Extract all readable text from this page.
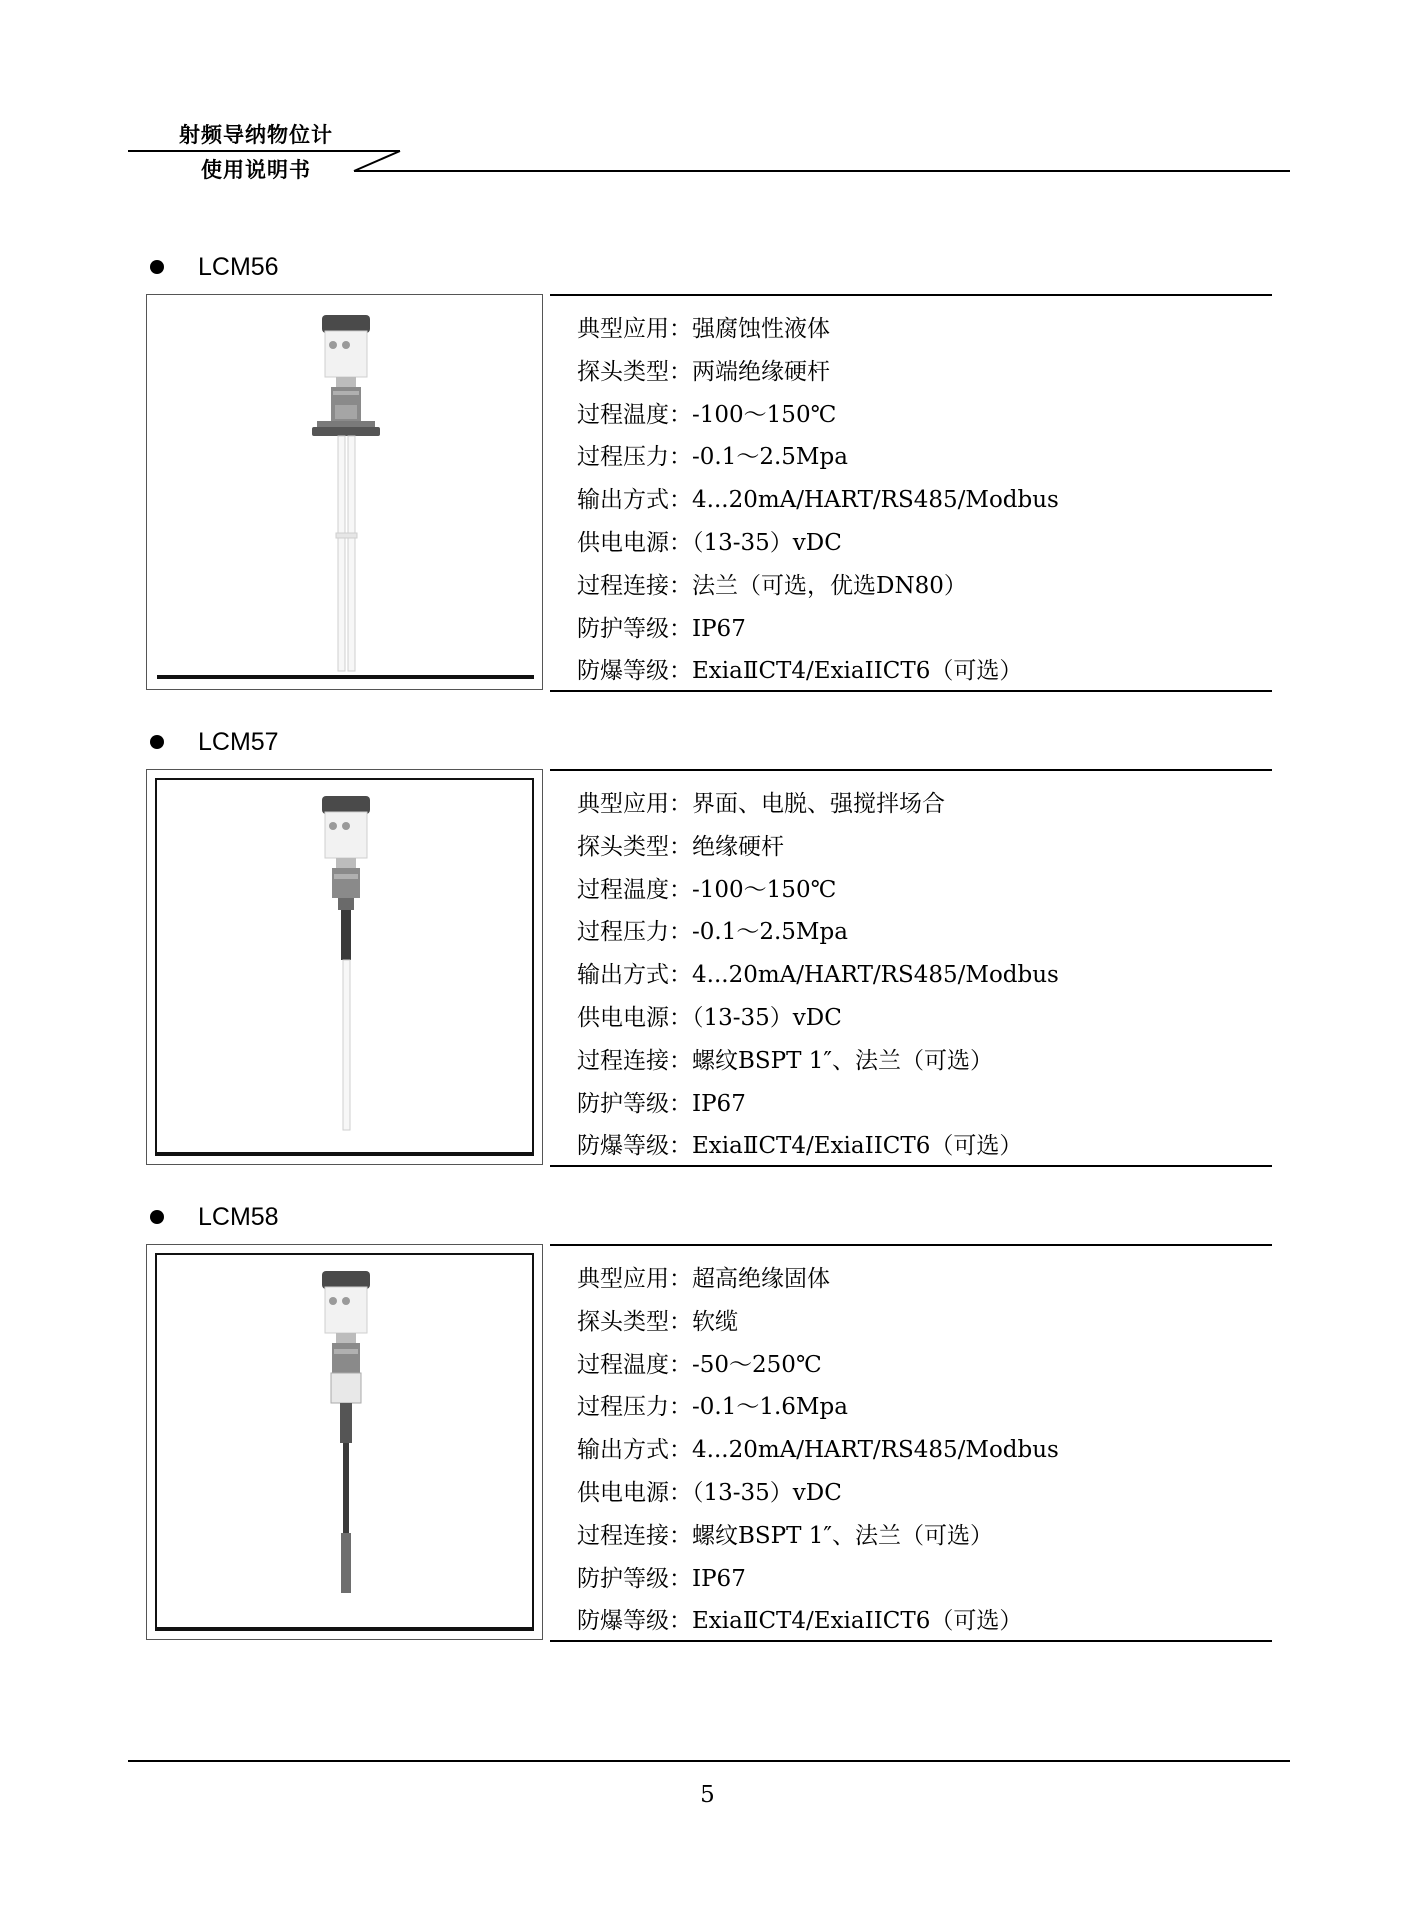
射频导纳物位计
使用说明书
LCM56
典型应用：强腐蚀性液体
探头类型：两端绝缘硬杆
过程温度：-100～150℃
过程压力：-0.1～2.5Mpa
输出方式：4...20mA/HART/RS485/Modbus
供电电源：（13-35）vDC
过程连接：法兰（可选，优选DN80）
防护等级：IP67
防爆等级：ExiaⅡCT4/ExiaIICT6（可选）
LCM57
典型应用：界面、电脱、强搅拌场合
探头类型：绝缘硬杆
过程温度：-100～150℃
过程压力：-0.1～2.5Mpa
输出方式：4...20mA/HART/RS485/Modbus
供电电源：（13-35）vDC
过程连接：螺纹BSPT 1″、法兰（可选）
防护等级：IP67
防爆等级：ExiaⅡCT4/ExiaIICT6（可选）
LCM58
典型应用：超高绝缘固体
探头类型：软缆
过程温度：-50～250℃
过程压力：-0.1～1.6Mpa
输出方式：4...20mA/HART/RS485/Modbus
供电电源：（13-35）vDC
过程连接：螺纹BSPT 1″、法兰（可选）
防护等级：IP67
防爆等级：ExiaⅡCT4/ExiaIICT6（可选）
5
